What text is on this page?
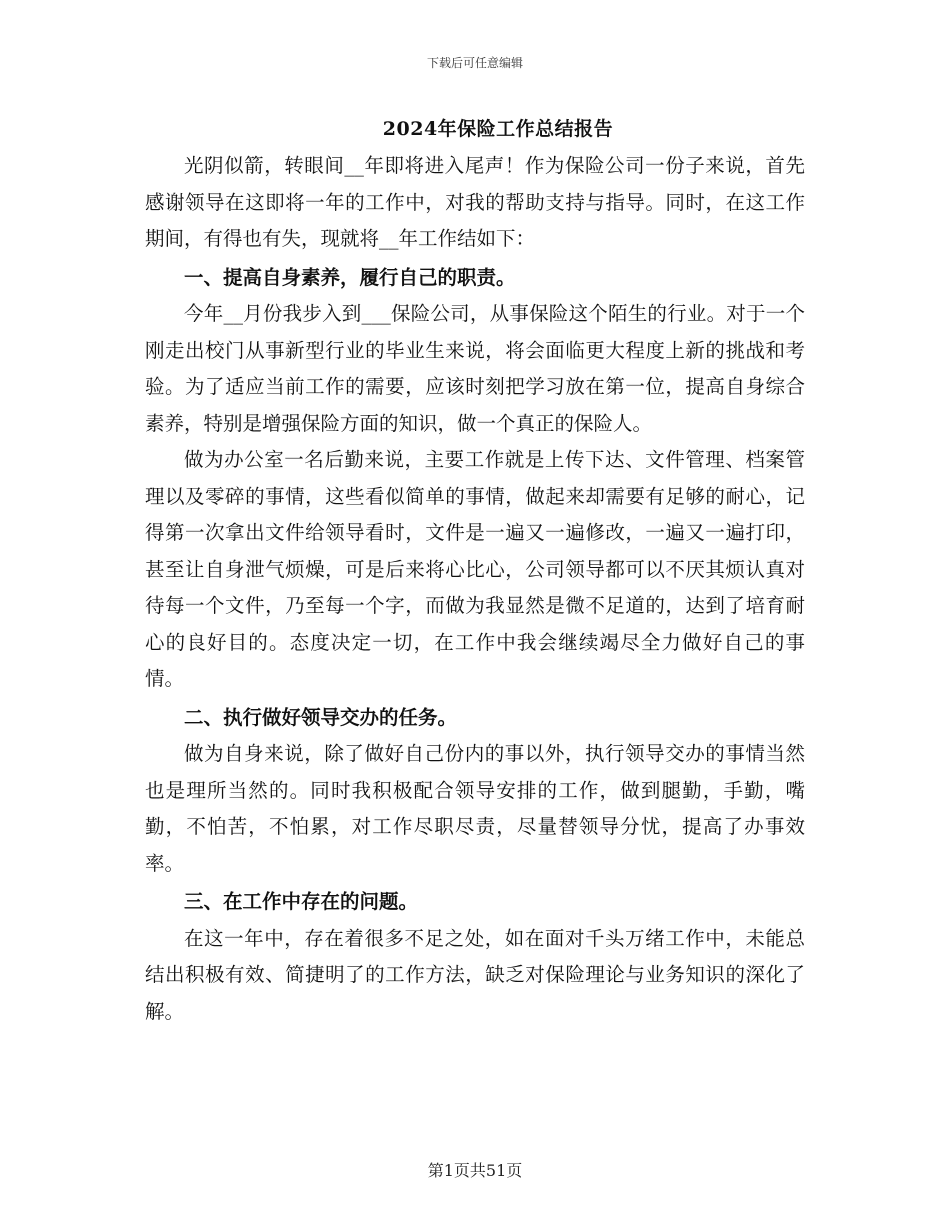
下载后可任意编辑
2024年保险工作总结报告

光阴似箭，转眼间__年即将进入尾声！作为保险公司一份子来说，首先感谢领导在这即将一年的工作中，对我的帮助支持与指导。同时，在这工作期间，有得也有失，现就将__年工作结如下：

一、提高自身素养，履行自己的职责。

今年__月份我步入到___保险公司，从事保险这个陌生的行业。对于一个刚走出校门从事新型行业的毕业生来说，将会面临更大程度上新的挑战和考验。为了适应当前工作的需要，应该时刻把学习放在第一位，提高自身综合素养，特别是增强保险方面的知识，做一个真正的保险人。

做为办公室一名后勤来说，主要工作就是上传下达、文件管理、档案管理以及零碎的事情，这些看似简单的事情，做起来却需要有足够的耐心，记得第一次拿出文件给领导看时，文件是一遍又一遍修改，一遍又一遍打印，甚至让自身泄气烦燥，可是后来将心比心，公司领导都可以不厌其烦认真对待每一个文件，乃至每一个字，而做为我显然是微不足道的，达到了培育耐心的良好目的。态度决定一切，在工作中我会继续竭尽全力做好自己的事情。

二、执行做好领导交办的任务。

做为自身来说，除了做好自己份内的事以外，执行领导交办的事情当然也是理所当然的。同时我积极配合领导安排的工作，做到腿勤，手勤，嘴勤，不怕苦，不怕累，对工作尽职尽责，尽量替领导分忧，提高了办事效率。

三、在工作中存在的问题。

在这一年中，存在着很多不足之处，如在面对千头万绪工作中，未能总结出积极有效、简捷明了的工作方法，缺乏对保险理论与业务知识的深化了解。

第1页共51页
